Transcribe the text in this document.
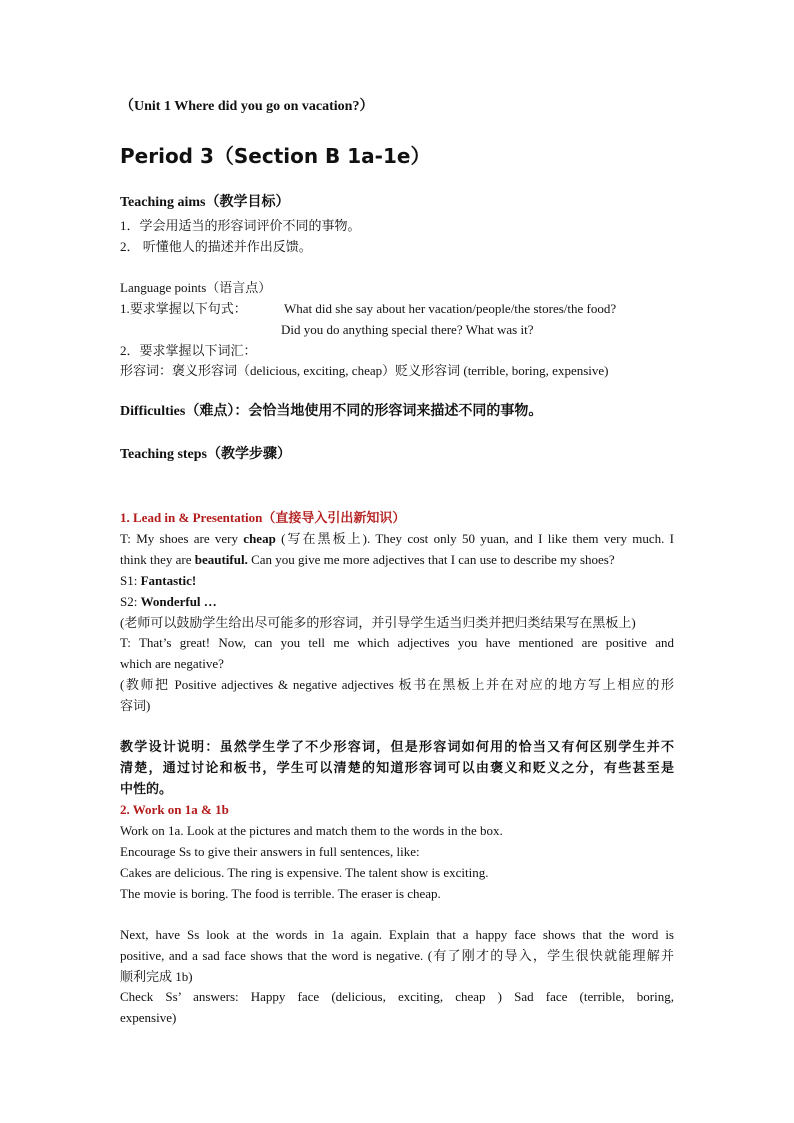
（Unit 1 Where did you go on vacation?）
Period 3（Section B 1a-1e）
Teaching aims（教学目标）
1．学会用适当的形容词评价不同的事物。
2． 听懂他人的描述并作出反馈。
Language points（语言点）
1.要求掌握以下句式：	What did she say about her vacation/people/the stores/the food?
Did you do anything special there? What was it?
2．要求掌握以下词汇：
形容词：褒义形容词（delicious, exciting, cheap）贬义形容词 (terrible, boring, expensive)
Difficulties（难点）：会恰当地使用不同的形容词来描述不同的事物。
Teaching steps（教学步骤）
1. Lead in & Presentation（直接导入引出新知识）
T: My shoes are very cheap (写在黑板上). They cost only 50 yuan, and I like them very much. I
think they are beautiful. Can you give me more adjectives that I can use to describe my shoes?
S1: Fantastic!
S2: Wonderful …
(老师可以鼓励学生给出尽可能多的形容词，并引导学生适当归类并把归类结果写在黑板上)
T: That’s great! Now, can you tell me which adjectives you have mentioned are positive and
which are negative?
(教师把 Positive adjectives & negative adjectives 板书在黑板上并在对应的地方写上相应的形
容词)
教学设计说明：虽然学生学了不少形容词，但是形容词如何用的恰当又有何区别学生并不
清楚，通过讨论和板书，学生可以清楚的知道形容词可以由褒义和贬义之分，有些甚至是
中性的。
2. Work on 1a & 1b
Work on 1a. Look at the pictures and match them to the words in the box.
Encourage Ss to give their answers in full sentences, like:
Cakes are delicious. The ring is expensive. The talent show is exciting.
The movie is boring. The food is terrible. The eraser is cheap.
Next, have Ss look at the words in 1a again. Explain that a happy face shows that the word is
positive, and a sad face shows that the word is negative. (有了刚才的导入，学生很快就能理解并
顺利完成 1b)
Check Ss’ answers: Happy face (delicious, exciting, cheap ) Sad face (terrible, boring,
expensive)
